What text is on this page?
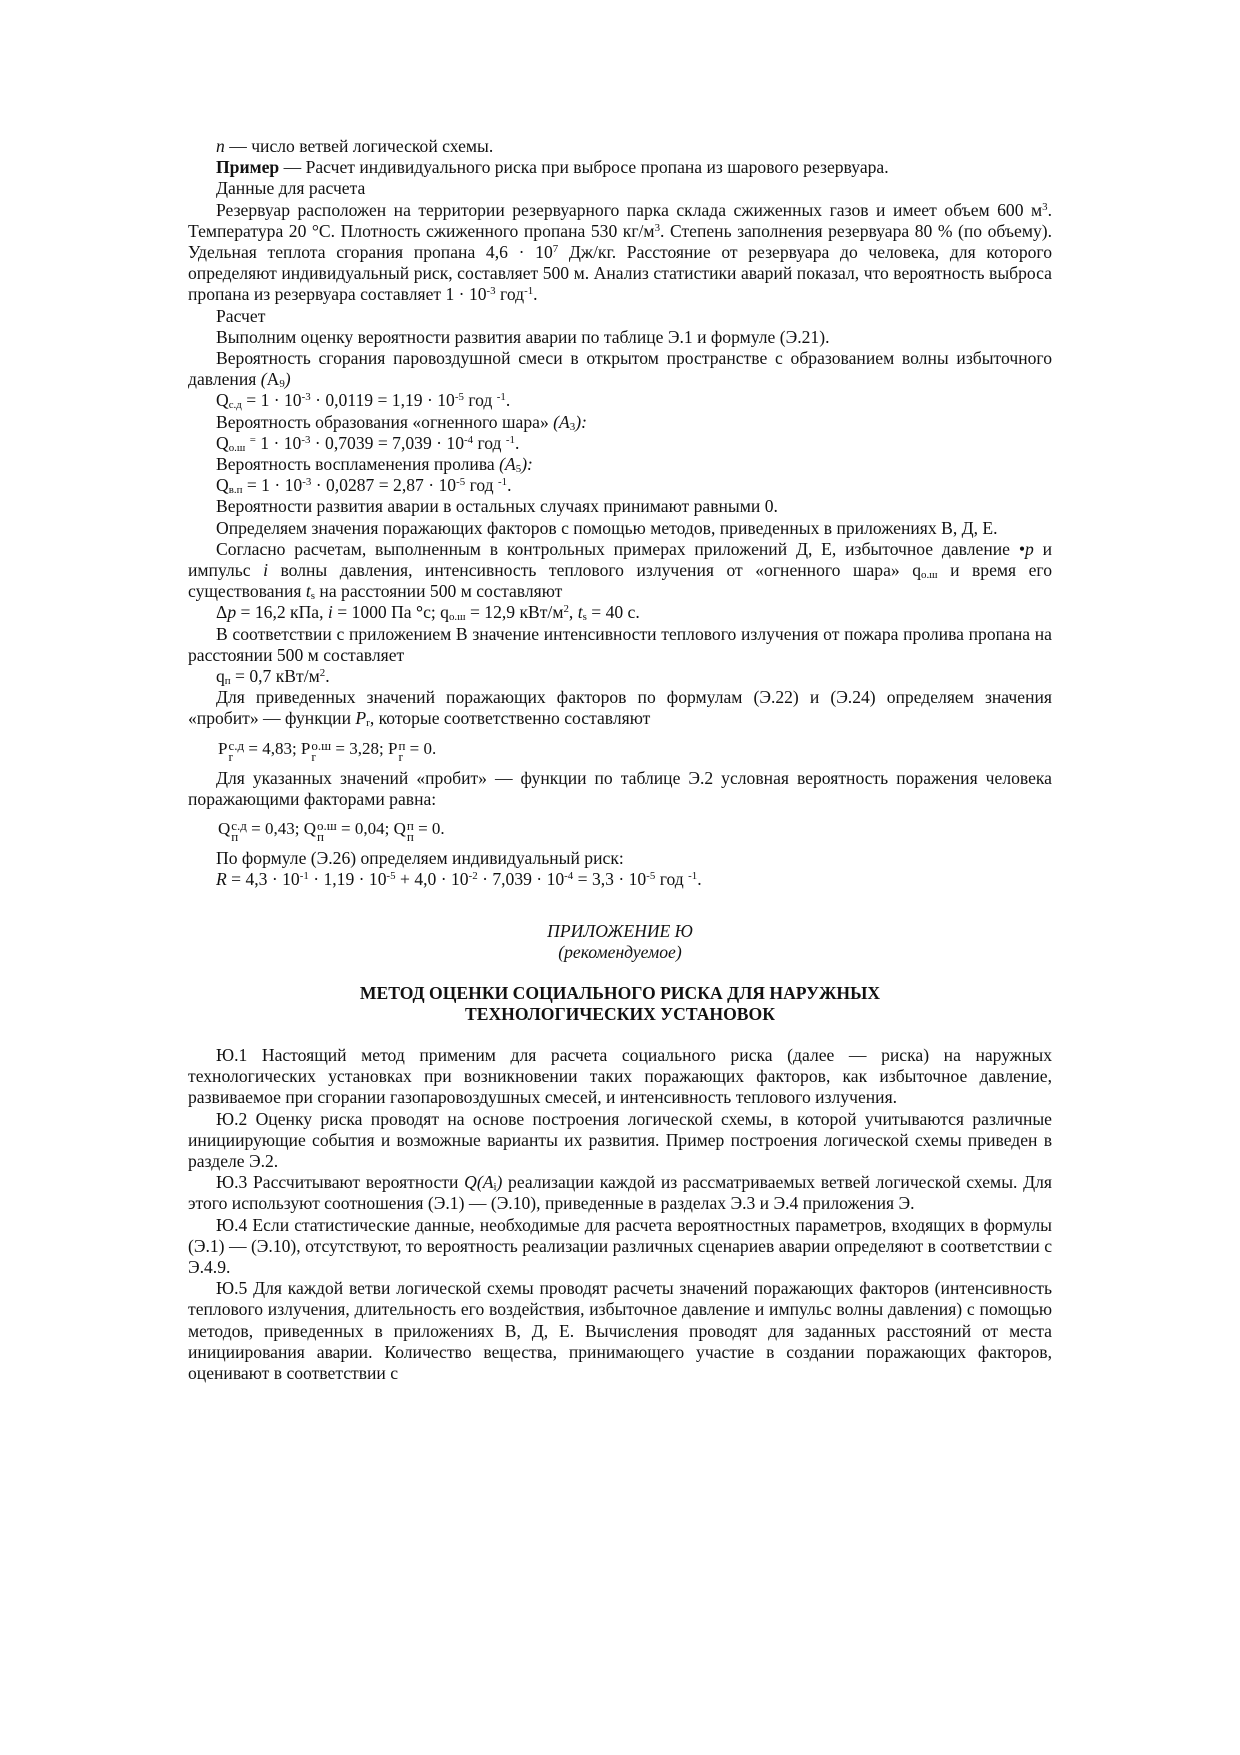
n — число ветвей логической схемы.

Пример — Расчет индивидуального риска при выбросе пропана из шарового резервуара.

Данные для расчета

Резервуар расположен на территории резервуарного парка склада сжиженных газов и имеет объем 600 $м^3$. Температура 20 °С. Плотность сжиженного пропана 530 $кг/м^3$. Степень заполнения резервуара 80 % (по объему). Удельная теплота сгорания пропана $4,6 \cdot 10^7$ Дж/кг. Расстояние от резервуара до человека, для которого определяют индивидуальный риск, составляет 500 м. Анализ статистики аварий показал, что вероятность выброса пропана из резервуара составляет $1 \cdot 10^{-3}$ год$^{-1}$.

Расчет

Выполним оценку вероятности развития аварии по таблице Э.1 и формуле (Э.21).

Вероятность сгорания паровоздушной смеси в открытом пространстве с образованием волны избыточного давления $(А_9)$

$Q_{с.д} = 1 \cdot 10^{-3} \cdot 0,0119 = 1,19 \cdot 10^{-5}$ год $^{-1}$.

Вероятность образования «огненного шара» $(А_3)$:

$Q_{о.ш}$ = $1 \cdot 10^{-3} \cdot 0,7039 = 7,039 \cdot 10^{-4}$ год $^{-1}$.

Вероятность воспламенения пролива $(А_5)$:

$Q_{в.п} = 1 \cdot 10^{-3} \cdot 0,0287 = 2,87 \cdot 10^{-5}$ год $^{-1}$.

Вероятности развития аварии в остальных случаях принимают равными 0.

Определяем значения поражающих факторов с помощью методов, приведенных в приложениях В, Д, Е.

Согласно расчетам, выполненным в контрольных примерах приложений Д, Е, избыточное давление •p и импульс i волны давления, интенсивность теплового излучения от «огненного шара» $q_{о.ш}$ и время его существования $t_s$ на расстоянии 500 м составляют

Δp = 16,2 кПа, i = 1000 Па °с; $q_{о.ш} = 12,9$ кВт/$м^2$, $t_s = 40$ с.

В соответствии с приложением В значение интенсивности теплового излучения от пожара пролива пропана на расстоянии 500 м составляет

$q_п = 0,7$ кВт/$м^2$.

Для приведенных значений поражающих факторов по формулам (Э.22) и (Э.24) определяем значения «пробит» — функции $P_r$, которые соответственно составляют

P с.д
r = 4,83; P о.ш
r = 3,28; P п
r = 0.

Для указанных значений «пробит» — функции по таблице Э.2 условная вероятность поражения человека поражающими факторами равна:

Q с.д
п = 0,43; Q о.ш
п = 0,04; Q п
п = 0.

По формуле (Э.26) определяем индивидуальный риск:

$R = 4,3 \cdot 10^{-1} \cdot 1,19 \cdot 10^{-5} + 4,0 \cdot 10^{-2} \cdot 7,039 \cdot 10^{-4} = 3,3 \cdot 10^{-5}$ год $^{-1}$.

ПРИЛОЖЕНИЕ Ю

(рекомендуемое)

МЕТОД ОЦЕНКИ СОЦИАЛЬНОГО РИСКА ДЛЯ НАРУЖНЫХ
ТЕХНОЛОГИЧЕСКИХ УСТАНОВОК

Ю.1 Настоящий метод применим для расчета социального риска (далее — риска) на наружных технологических установках при возникновении таких поражающих факторов, как избыточное давление, развиваемое при сгорании газопаровоздушных смесей, и интенсивность теплового излучения.

Ю.2 Оценку риска проводят на основе построения логической схемы, в которой учитываются различные инициирующие события и возможные варианты их развития. Пример построения логической схемы приведен в разделе Э.2.

Ю.3 Рассчитывают вероятности $Q(A_i)$ реализации каждой из рассматриваемых ветвей логической схемы. Для этого используют соотношения (Э.1) — (Э.10), приведенные в разделах Э.3 и Э.4 приложения Э.

Ю.4 Если статистические данные, необходимые для расчета вероятностных параметров, входящих в формулы (Э.1) — (Э.10), отсутствуют, то вероятность реализации различных сценариев аварии определяют в соответствии с Э.4.9.

Ю.5 Для каждой ветви логической схемы проводят расчеты значений поражающих факторов (интенсивность теплового излучения, длительность его воздействия, избыточное давление и импульс волны давления) с помощью методов, приведенных в приложениях В, Д, Е. Вычисления проводят для заданных расстояний от места инициирования аварии. Количество вещества, принимающего участие в создании поражающих факторов, оценивают в соответствии с
